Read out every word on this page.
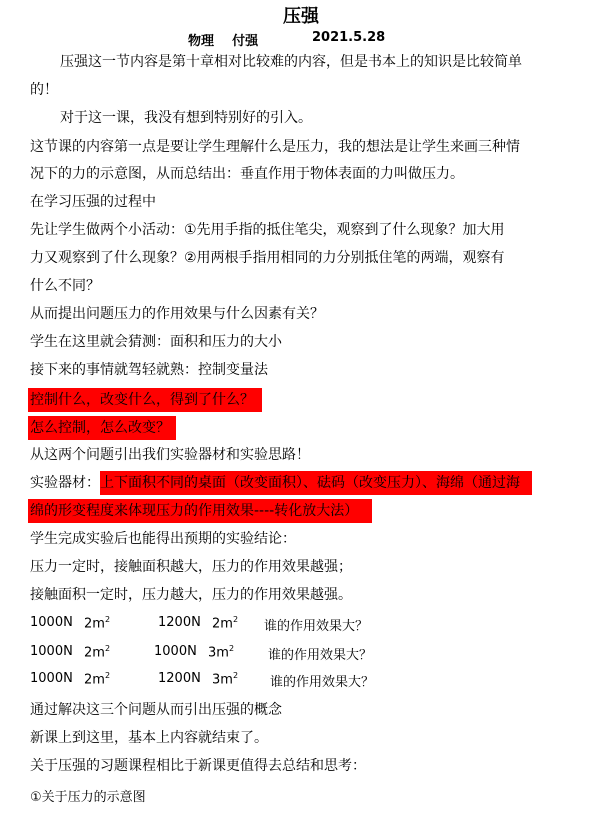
压强
物理    付强	2021.5.28
压强这一节内容是第十章相对比较难的内容，但是书本上的知识是比较简单
的！
对于这一课，我没有想到特别好的引入。
这节课的内容第一点是要让学生理解什么是压力，我的想法是让学生来画三种情
况下的力的示意图，从而总结出：垂直作用于物体表面的力叫做压力。
在学习压强的过程中
先让学生做两个小活动：①先用手指的抵住笔尖，观察到了什么现象？加大用
力又观察到了什么现象？②用两根手指用相同的力分别抵住笔的两端，观察有
什么不同？
从而提出问题压力的作用效果与什么因素有关？
学生在这里就会猜测：面积和压力的大小
接下来的事情就驾轻就熟：控制变量法
控制什么，改变什么，得到了什么？
怎么控制，怎么改变？
从这两个问题引出我们实验器材和实验思路！
实验器材：上下面积不同的桌面（改变面积）、砝码（改变压力）、海绵（通过海
绵的形变程度来体现压力的作用效果----转化放大法）
学生完成实验后也能得出预期的实验结论：
压力一定时，接触面积越大，压力的作用效果越强；
接触面积一定时，压力越大，压力的作用效果越强。
1000N $2m^2$	1200N $2m^2$ 谁的作用效果大？
1000N $2m^2$	1000N $3m^2$	谁的作用效果大？
1000N $2m^2$	1200N $3m^2$ 谁的作用效果大？
通过解决这三个问题从而引出压强的概念
新课上到这里，基本上内容就结束了。
关于压强的习题课程相比于新课更值得去总结和思考：
①关于压力的示意图
